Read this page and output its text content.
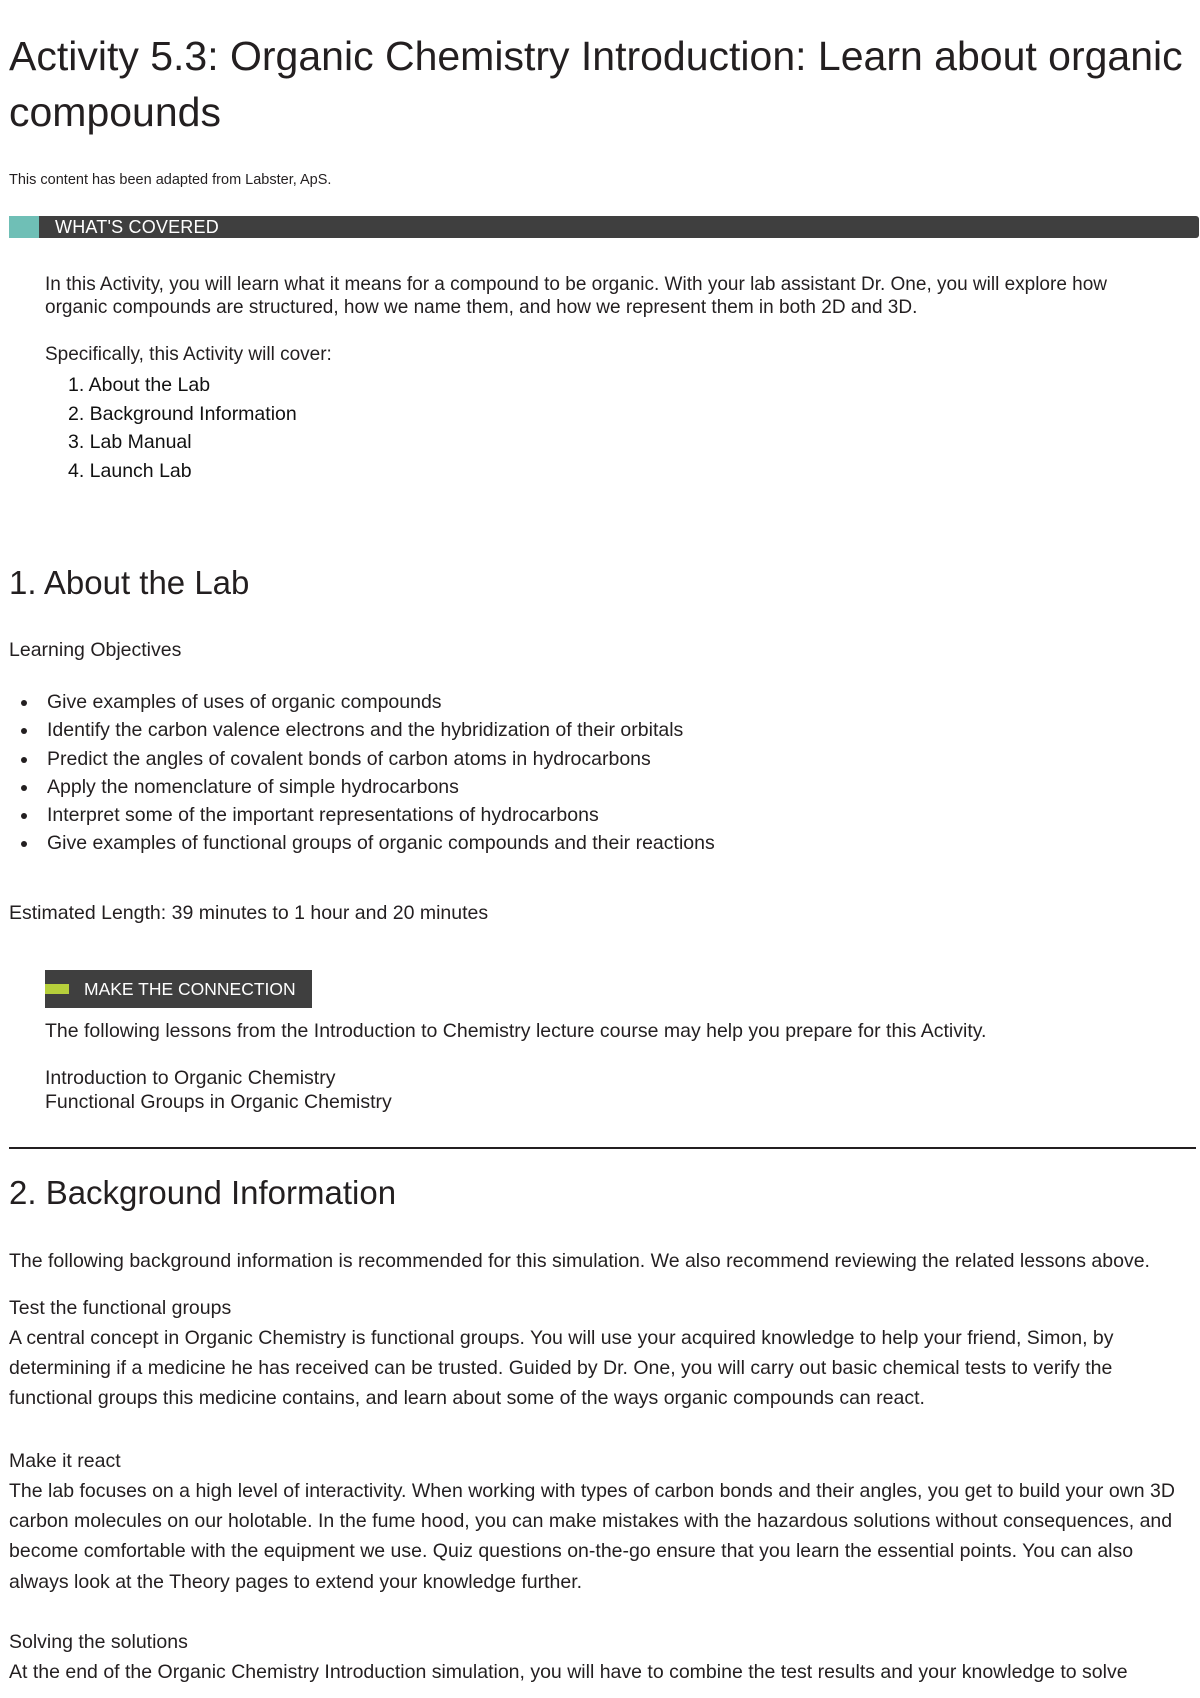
Activity 5.3: Organic Chemistry Introduction: Learn about organic compounds

This content has been adapted from Labster, ApS.

WHAT'S COVERED

In this Activity, you will learn what it means for a compound to be organic. With your lab assistant Dr. One, you will explore how organic compounds are structured, how we name them, and how we represent them in both 2D and 3D.

Specifically, this Activity will cover:

1. About the Lab
2. Background Information
3. Lab Manual
4. Launch Lab
1. About the Lab

Learning Objectives

Give examples of uses of organic compounds
Identify the carbon valence electrons and the hybridization of their orbitals
Predict the angles of covalent bonds of carbon atoms in hydrocarbons
Apply the nomenclature of simple hydrocarbons
Interpret some of the important representations of hydrocarbons
Give examples of functional groups of organic compounds and their reactions

Estimated Length: 39 minutes to 1 hour and 20 minutes

MAKE THE CONNECTION

The following lessons from the Introduction to Chemistry lecture course may help you prepare for this Activity.

Introduction to Organic Chemistry
Functional Groups in Organic Chemistry
2. Background Information

The following background information is recommended for this simulation. We also recommend reviewing the related lessons above.

Test the functional groups

A central concept in Organic Chemistry is functional groups. You will use your acquired knowledge to help your friend, Simon, by determining if a medicine he has received can be trusted. Guided by Dr. One, you will carry out basic chemical tests to verify the functional groups this medicine contains, and learn about some of the ways organic compounds can react.

Make it react

The lab focuses on a high level of interactivity. When working with types of carbon bonds and their angles, you get to build your own 3D carbon molecules on our holotable. In the fume hood, you can make mistakes with the hazardous solutions without consequences, and become comfortable with the equipment we use. Quiz questions on-the-go ensure that you learn the essential points. You can also always look at the Theory pages to extend your knowledge further.

Solving the solutions

At the end of the Organic Chemistry Introduction simulation, you will have to combine the test results and your knowledge to solve
